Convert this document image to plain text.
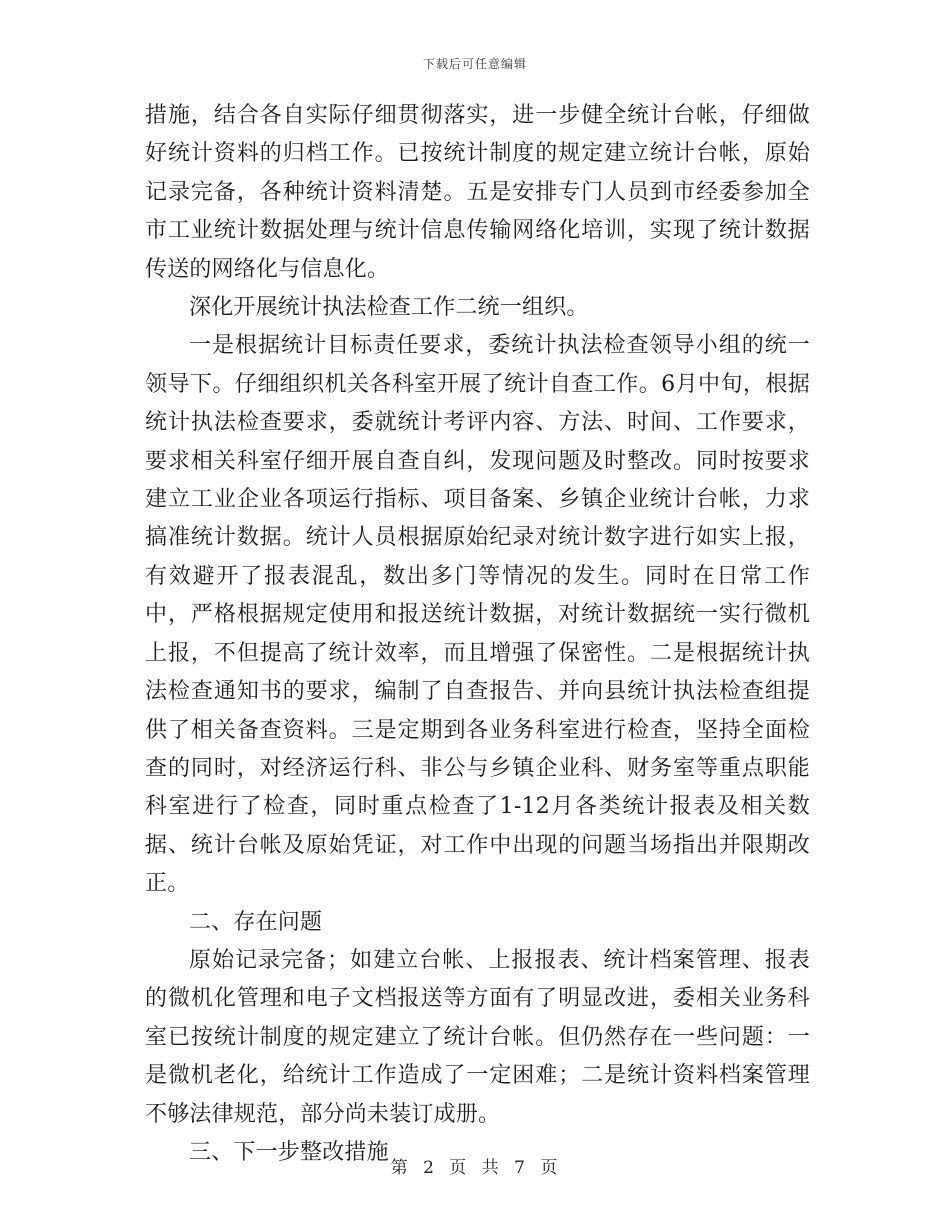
下载后可任意编辑

措施，结合各自实际仔细贯彻落实，进一步健全统计台帐，仔细做好统计资料的归档工作。已按统计制度的规定建立统计台帐，原始记录完备，各种统计资料清楚。五是安排专门人员到市经委参加全市工业统计数据处理与统计信息传输网络化培训，实现了统计数据传送的网络化与信息化。

深化开展统计执法检查工作二统一组织。

一是根据统计目标责任要求，委统计执法检查领导小组的统一领导下。仔细组织机关各科室开展了统计自查工作。6月中旬，根据统计执法检查要求，委就统计考评内容、方法、时间、工作要求，要求相关科室仔细开展自查自纠，发现问题及时整改。同时按要求建立工业企业各项运行指标、项目备案、乡镇企业统计台帐，力求搞准统计数据。统计人员根据原始纪录对统计数字进行如实上报，有效避开了报表混乱，数出多门等情况的发生。同时在日常工作中，严格根据规定使用和报送统计数据，对统计数据统一实行微机上报，不但提高了统计效率，而且增强了保密性。二是根据统计执法检查通知书的要求，编制了自查报告、并向县统计执法检查组提供了相关备查资料。三是定期到各业务科室进行检查，坚持全面检查的同时，对经济运行科、非公与乡镇企业科、财务室等重点职能科室进行了检查，同时重点检查了1-12月各类统计报表及相关数据、统计台帐及原始凭证，对工作中出现的问题当场指出并限期改正。

二、存在问题

原始记录完备；如建立台帐、上报报表、统计档案管理、报表的微机化管理和电子文档报送等方面有了明显改进，委相关业务科室已按统计制度的规定建立了统计台帐。但仍然存在一些问题：一是微机老化，给统计工作造成了一定困难；二是统计资料档案管理不够法律规范，部分尚未装订成册。

三、下一步整改措施

第 2 页 共 7 页
